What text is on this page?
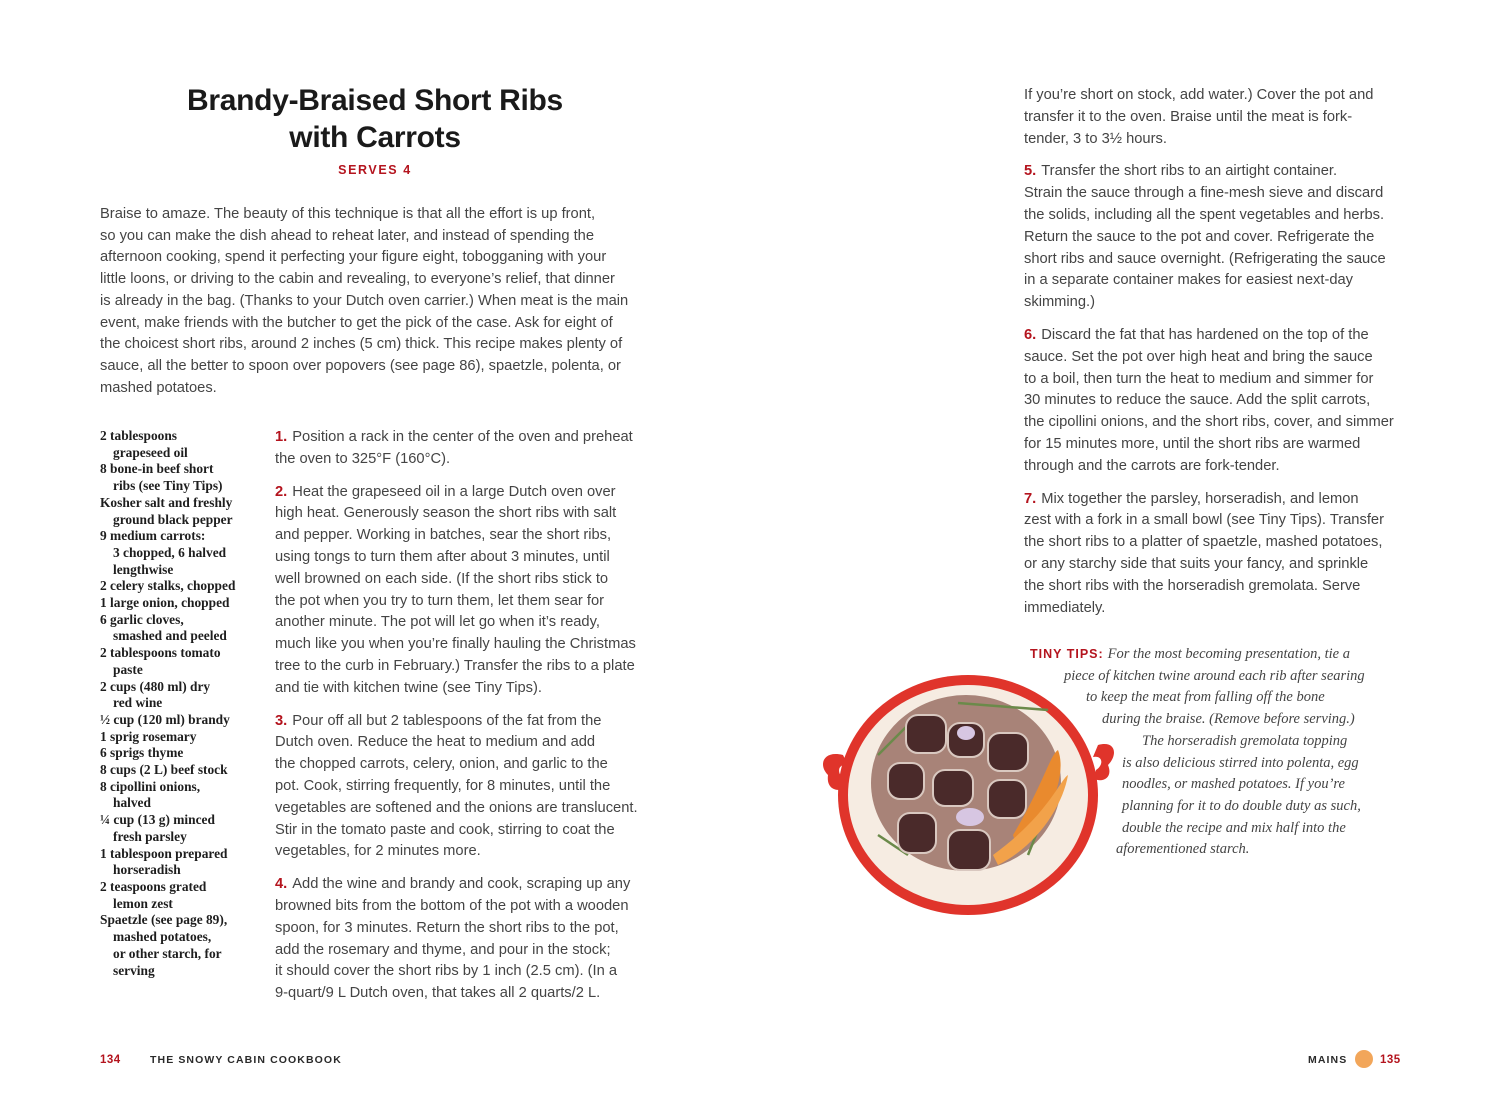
Brandy-Braised Short Ribs
with Carrots
SERVES 4
Braise to amaze. The beauty of this technique is that all the effort is up front,
so you can make the dish ahead to reheat later, and instead of spending the
afternoon cooking, spend it perfecting your figure eight, tobogganing with your
little loons, or driving to the cabin and revealing, to everyone’s relief, that dinner
is already in the bag. (Thanks to your Dutch oven carrier.) When meat is the main
event, make friends with the butcher to get the pick of the case. Ask for eight of
the choicest short ribs, around 2 inches (5 cm) thick. This recipe makes plenty of
sauce, all the better to spoon over popovers (see page 86), spaetzle, polenta, or
mashed potatoes.
2 tablespoons
grapeseed oil
8 bone-in beef short
ribs (see Tiny Tips)
Kosher salt and freshly
ground black pepper
9 medium carrots:
3 chopped, 6 halved
lengthwise
2 celery stalks, chopped
1 large onion, chopped
6 garlic cloves,
smashed and peeled
2 tablespoons tomato
paste
2 cups (480 ml) dry
red wine
½ cup (120 ml) brandy
1 sprig rosemary
6 sprigs thyme
8 cups (2 L) beef stock
8 cipollini onions,
halved
¼ cup (13 g) minced
fresh parsley
1 tablespoon prepared
horseradish
2 teaspoons grated
lemon zest
Spaetzle (see page 89),
mashed potatoes,
or other starch, for
serving
1. Position a rack in the center of the oven and preheat
the oven to 325°F (160°C).
2. Heat the grapeseed oil in a large Dutch oven over
high heat. Generously season the short ribs with salt
and pepper. Working in batches, sear the short ribs,
using tongs to turn them after about 3 minutes, until
well browned on each side. (If the short ribs stick to
the pot when you try to turn them, let them sear for
another minute. The pot will let go when it’s ready,
much like you when you’re finally hauling the Christmas
tree to the curb in February.) Transfer the ribs to a plate
and tie with kitchen twine (see Tiny Tips).
3. Pour off all but 2 tablespoons of the fat from the
Dutch oven. Reduce the heat to medium and add
the chopped carrots, celery, onion, and garlic to the
pot. Cook, stirring frequently, for 8 minutes, until the
vegetables are softened and the onions are translucent.
Stir in the tomato paste and cook, stirring to coat the
vegetables, for 2 minutes more.
4. Add the wine and brandy and cook, scraping up any
browned bits from the bottom of the pot with a wooden
spoon, for 3 minutes. Return the short ribs to the pot,
add the rosemary and thyme, and pour in the stock;
it should cover the short ribs by 1 inch (2.5 cm). (In a
9-quart/9 L Dutch oven, that takes all 2 quarts/2 L.
134	THE SNOWY CABIN COOKBOOK
If you’re short on stock, add water.) Cover the pot and
transfer it to the oven. Braise until the meat is fork-
tender, 3 to 3½ hours.
5. Transfer the short ribs to an airtight container.
Strain the sauce through a fine-mesh sieve and discard
the solids, including all the spent vegetables and herbs.
Return the sauce to the pot and cover. Refrigerate the
short ribs and sauce overnight. (Refrigerating the sauce
in a separate container makes for easiest next-day
skimming.)
6. Discard the fat that has hardened on the top of the
sauce. Set the pot over high heat and bring the sauce
to a boil, then turn the heat to medium and simmer for
30 minutes to reduce the sauce. Add the split carrots,
the cipollini onions, and the short ribs, cover, and simmer
for 15 minutes more, until the short ribs are warmed
through and the carrots are fork-tender.
7. Mix together the parsley, horseradish, and lemon
zest with a fork in a small bowl (see Tiny Tips). Transfer
the short ribs to a platter of spaetzle, mashed potatoes,
or any starchy side that suits your fancy, and sprinkle
the short ribs with the horseradish gremolata. Serve
immediately.
TINY TIPS: For the most becoming presentation, tie a
piece of kitchen twine around each rib after searing
to keep the meat from falling off the bone
during the braise. (Remove before serving.)
The horseradish gremolata topping
is also delicious stirred into polenta, egg
noodles, or mashed potatoes. If you’re
planning for it to do double duty as such,
double the recipe and mix half into the
aforementioned starch.
MAINS	135
